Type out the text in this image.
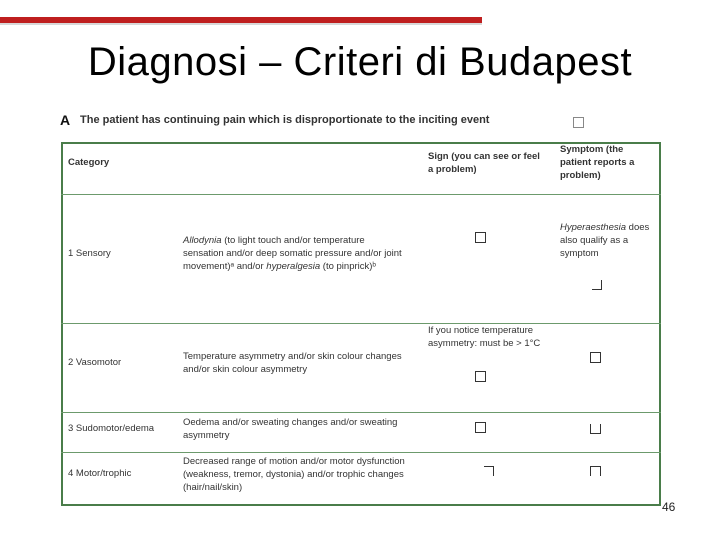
Diagnosi – Criteri di Budapest
A The patient has continuing pain which is disproportionate to the inciting event
Category
Sign (you can see or feel
a problem)
Symptom (the
patient reports a
problem)
1 Sensory
Allodynia (to light touch and/or temperature
sensation and/or deep somatic pressure and/or joint
movement)ᵃ and/or hyperalgesia (to pinprick)ᵇ
Hyperaesthesia does
also qualify as a
symptom
2 Vasomotor
Temperature asymmetry and/or skin colour changes
and/or skin colour asymmetry
If you notice temperature
asymmetry: must be > 1°C
3 Sudomotor/edema
Oedema and/or sweating changes and/or sweating
asymmetry
4 Motor/trophic
Decreased range of motion and/or motor dysfunction
(weakness, tremor, dystonia) and/or trophic changes
(hair/nail/skin)
46
